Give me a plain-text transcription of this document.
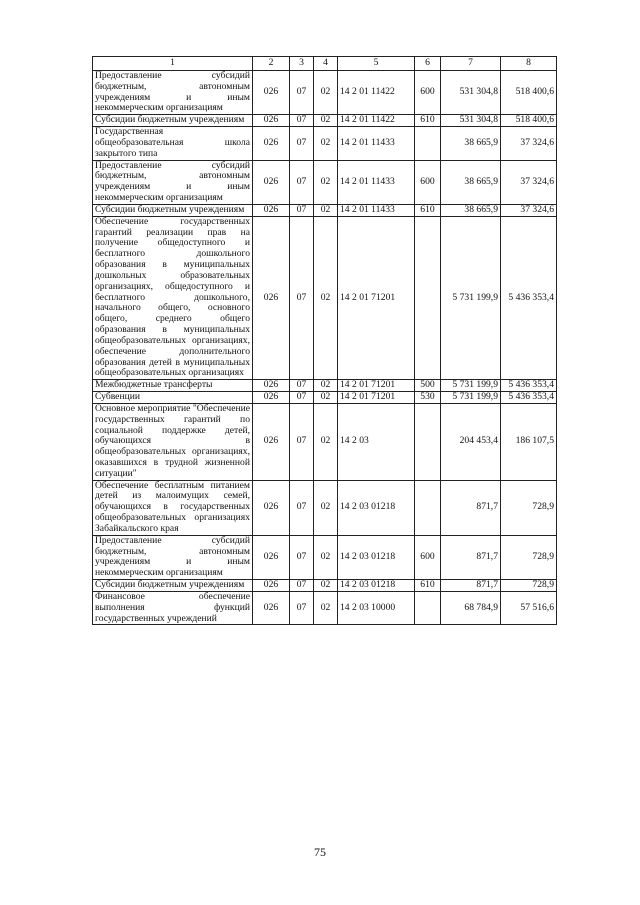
1	2	3	4	5	6	7	8
Предоставление субсидий бюджетным, автономным учреждениям и иным некоммерческим организациям	026	07	02	14 2 01 11422	600	531 304,8	518 400,6
Субсидии бюджетным учреждениям	026	07	02	14 2 01 11422	610	531 304,8	518 400,6
Государственная общеобразовательная школа закрытого типа	026	07	02	14 2 01 11433		38 665,9	37 324,6
Предоставление субсидий бюджетным, автономным учреждениям и иным некоммерческим организациям	026	07	02	14 2 01 11433	600	38 665,9	37 324,6
Субсидии бюджетным учреждениям	026	07	02	14 2 01 11433	610	38 665,9	37 324,6
Обеспечение государственных гарантий реализации прав на получение общедоступного и бесплатного дошкольного образования в муниципальных дошкольных образовательных организациях, общедоступного и бесплатного дошкольного, начального общего, основного общего, среднего общего образования в муниципальных общеобразовательных организациях, обеспечение дополнительного образования детей в муниципальных общеобразовательных организациях	026	07	02	14 2 01 71201		5 731 199,9	5 436 353,4
Межбюджетные трансферты	026	07	02	14 2 01 71201	500	5 731 199,9	5 436 353,4
Субвенции	026	07	02	14 2 01 71201	530	5 731 199,9	5 436 353,4
Основное мероприятие "Обеспечение государственных гарантий по социальной поддержке детей, обучающихся в общеобразовательных организациях, оказавшихся в трудной жизненной ситуации"	026	07	02	14 2 03		204 453,4	186 107,5
Обеспечение бесплатным питанием детей из малоимущих семей, обучающихся в государственных общеобразовательных организациях Забайкальского края	026	07	02	14 2 03 01218		871,7	728,9
Предоставление субсидий бюджетным, автономным учреждениям и иным некоммерческим организациям	026	07	02	14 2 03 01218	600	871,7	728,9
Субсидии бюджетным учреждениям	026	07	02	14 2 03 01218	610	871,7	728,9
Финансовое обеспечение выполнения функций государственных учреждений	026	07	02	14 2 03 10000		68 784,9	57 516,6
75
